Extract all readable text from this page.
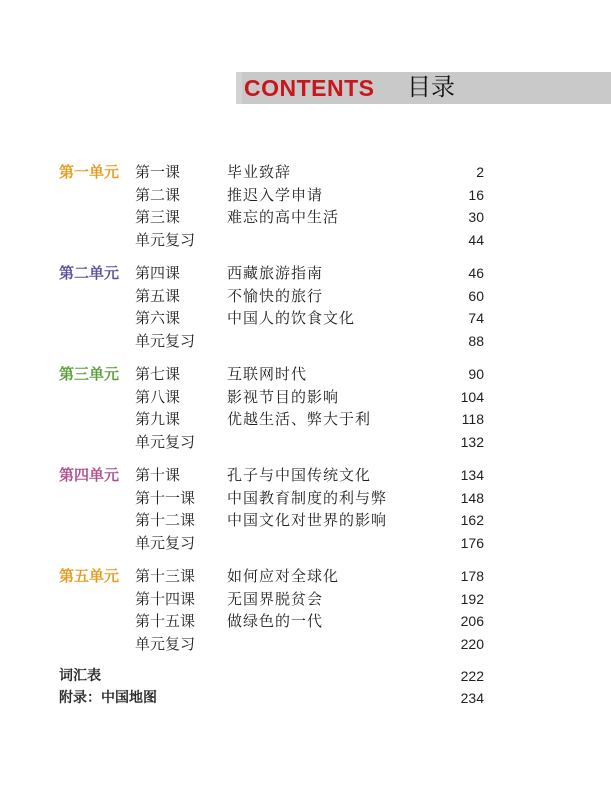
CONTENTS 目录
第一单元 第一课	毕业致辞	2
第二课	推迟入学申请	16
第三课	难忘的高中生活	30
单元复习	44
第二单元 第四课	西藏旅游指南	46
第五课	不愉快的旅行	60
第六课	中国人的饮食文化	74
单元复习	88
第三单元 第七课	互联网时代	90
第八课	影视节目的影响	104
第九课	优越生活、弊大于利	118
单元复习	132
第四单元 第十课	孔子与中国传统文化	134
第十一课 中国教育制度的利与弊	148
第十二课 中国文化对世界的影响	162
单元复习	176
第五单元 第十三课 如何应对全球化	178
第十四课 无国界脱贫会	192
第十五课 做绿色的一代	206
单元复习	220
词汇表	222
附录：中国地图	234
